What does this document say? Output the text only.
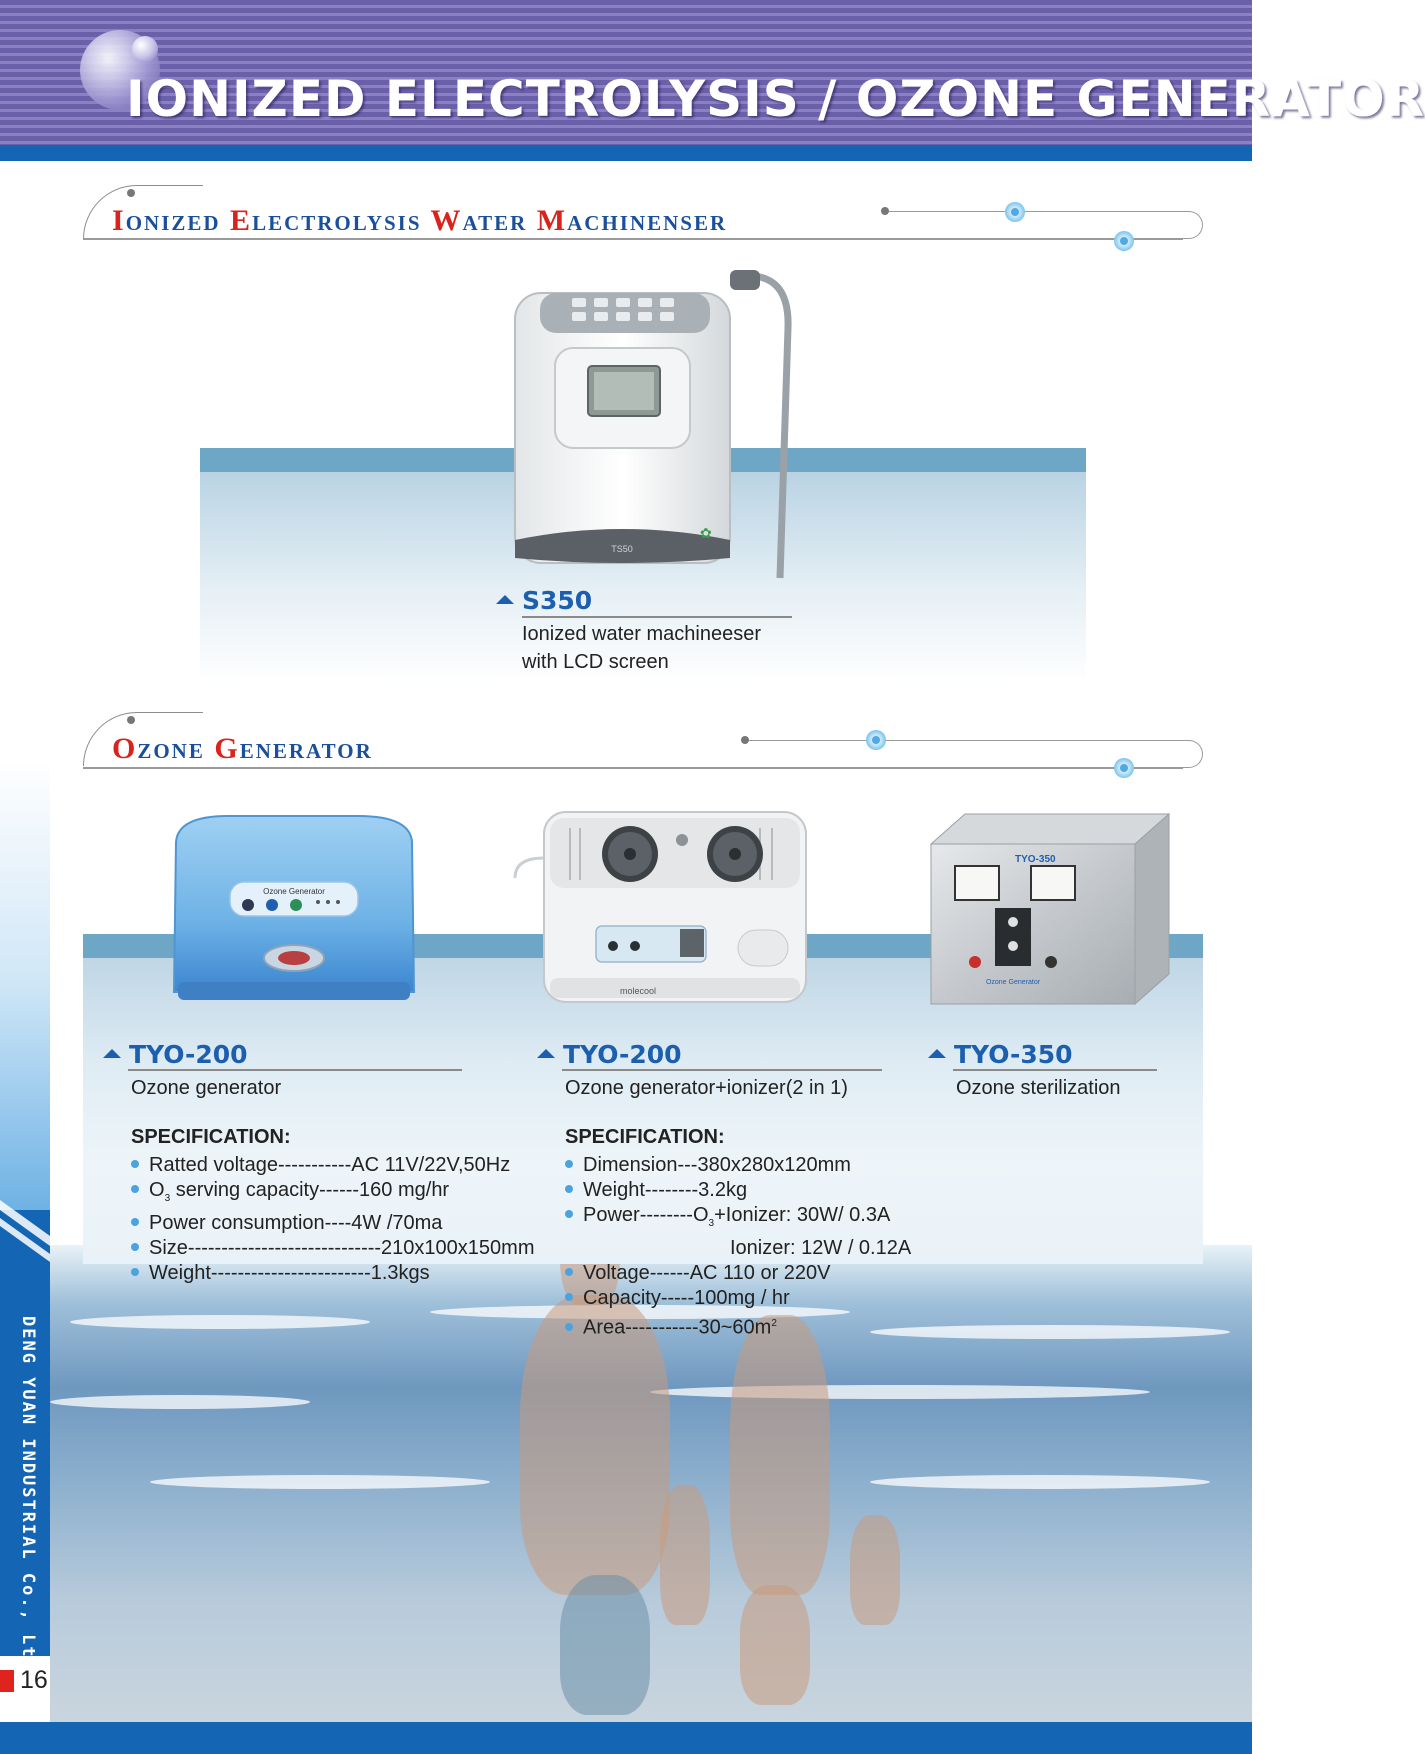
IONIZED ELECTROLYSIS / OZONE GENERATOR
DENG YUAN INDUSTRIAL Co., Ltd
16
Ionized Electrolysis Water Machinenser
TS50
✿
S350
Ionized water machineeser
with LCD screen
Ozone Generator
Ozone Generator
molecool
TYO-350
Ozone Generator
TYO-200
Ozone generator
SPECIFICATION:
Ratted voltage-----------AC 11V/22V,50Hz
$O_3$ serving capacity------160 mg/hr
Power consumption----4W /70ma
Size-----------------------------210x100x150mm
Weight------------------------1.3kgs
TYO-200
Ozone generator+ionizer(2 in 1)
SPECIFICATION:
Dimension---380x280x120mm
Weight--------3.2kg
Power-$-------O_3+Ionizer$: 30W/ 0.3A
Ionizer: 12W / 0.12A
Voltage------AC 110 or 220V
Capacity-----100mg / hr
Area-$----------30\sim 60m^2$
TYO-350
Ozone sterilization
